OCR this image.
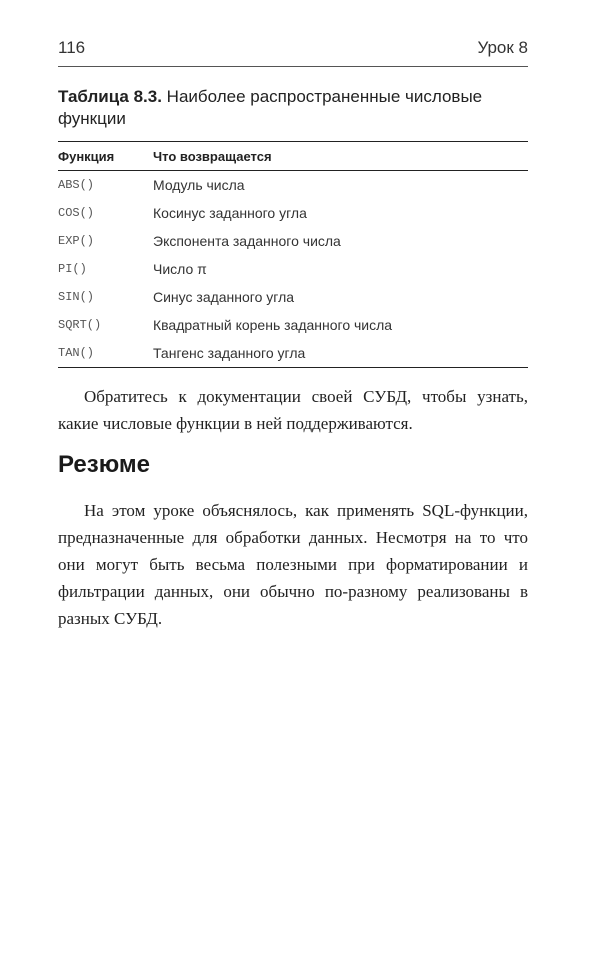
116	Урок 8
Таблица 8.3. Наиболее распространенные числовые функции
Функция	Что возвращается
ABS()	Модуль числа
COS()	Косинус заданного угла
EXP()	Экспонента заданного числа
PI()	Число π
SIN()	Синус заданного угла
SQRT()	Квадратный корень заданного числа
TAN()	Тангенс заданного угла

Обратитесь к документации своей СУБД, чтобы узнать, какие числовые функции в ней поддерживаются.

Резюме

На этом уроке объяснялось, как применять SQL-функции, предназначенные для обработки данных. Несмотря на то что они могут быть весьма полезными при форматировании и фильтрации данных, они обычно по-разному реализованы в разных СУБД.
